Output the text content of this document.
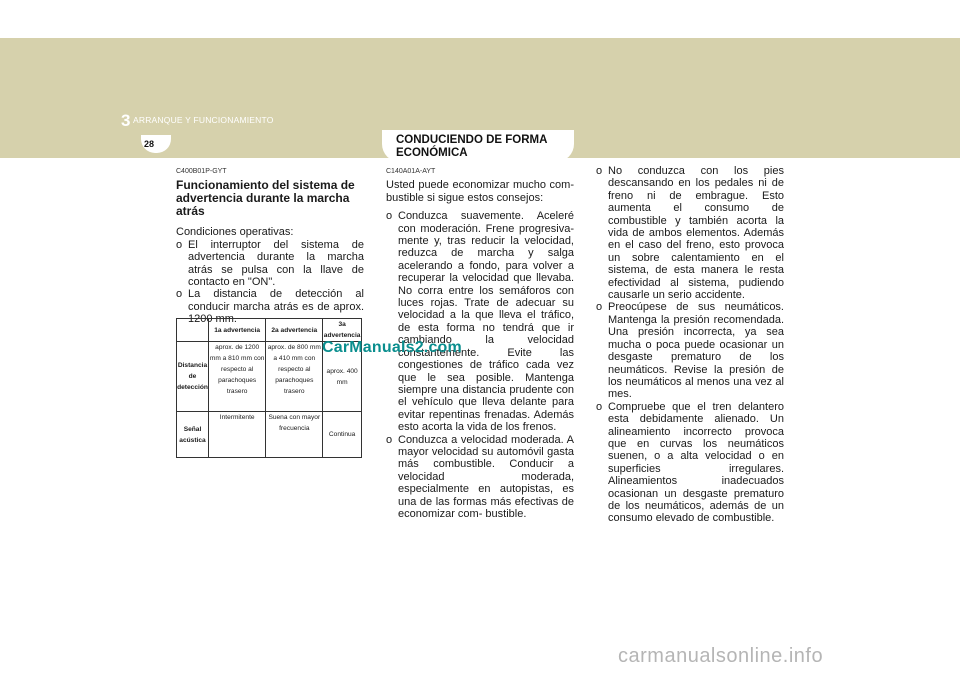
3 ARRANQUE Y FUNCIONAMIENTO
28	CONDUCIENDO DE FORMA ECONÓMICA
C400B01P-GYT
Funcionamiento del sistema de advertencia durante la marcha atrás

Condiciones operativas:

o El interruptor del sistema de advertencia durante la marcha atrás se pulsa con la llave de contacto en "ON".
o La distancia de detección al conducir marcha atrás es de aprox. 1200 mm.
	1a advertencia	2a advertencia	3a advertencia
Distancia de detección	aprox. de 1200 mm a 810 mm con respecto al parachoques trasero	aprox. de 800 mm a 410 mm con respecto al parachoques trasero	aprox. 400 mm
Señal acústica	Intermitente	Suena con mayor frecuencia	Continua
C140A01A-AYT

Usted puede economizar mucho com- bustible si sigue estos consejos:

o Conduzca suavemente. Aceleré con moderación. Frene progresiva- mente y, tras reducir la velocidad, reduzca de marcha y salga acelerando a fondo, para volver a recuperar la velocidad que llevaba. No corra entre los semáforos con luces rojas. Trate de adecuar su velocidad a la que lleva el tráfico, de esta forma no tendrá que ir cambiando la velocidad constantemente. Evite las congestiones de tráfico cada vez que le sea posible. Mantenga siempre una distancia prudente con el vehículo que lleva delante para evitar repentinas frenadas. Además esto acorta la vida de los frenos.
o Conduzca a velocidad moderada. A mayor velocidad su automóvil gasta más combustible. Conducir a velocidad moderada, especialmente en autopistas, es una de las formas más efectivas de economizar com- bustible.
o No conduzca con los pies descansando en los pedales ni de freno ni de embrague. Esto aumenta el consumo de combustible y también acorta la vida de ambos elementos. Además en el caso del freno, esto provoca un sobre calentamiento en el sistema, de esta manera le resta efectividad al sistema, pudiendo causarle un serio accidente.
o Preocúpese de sus neumáticos. Mantenga la presión recomendada. Una presión incorrecta, ya sea mucha o poca puede ocasionar un desgaste prematuro de los neumáticos. Revise la presión de los neumáticos al menos una vez al mes.
o Compruebe que el tren delantero esta debidamente alienado. Un alineamiento incorrecto provoca que en curvas los neumáticos suenen, o a alta velocidad o en superficies irregulares. Alineamientos inadecuados ocasionan un desgaste prematuro de los neumáticos, además de un consumo elevado de combustible.
CarManuals2.com
carmanualsonline.info
